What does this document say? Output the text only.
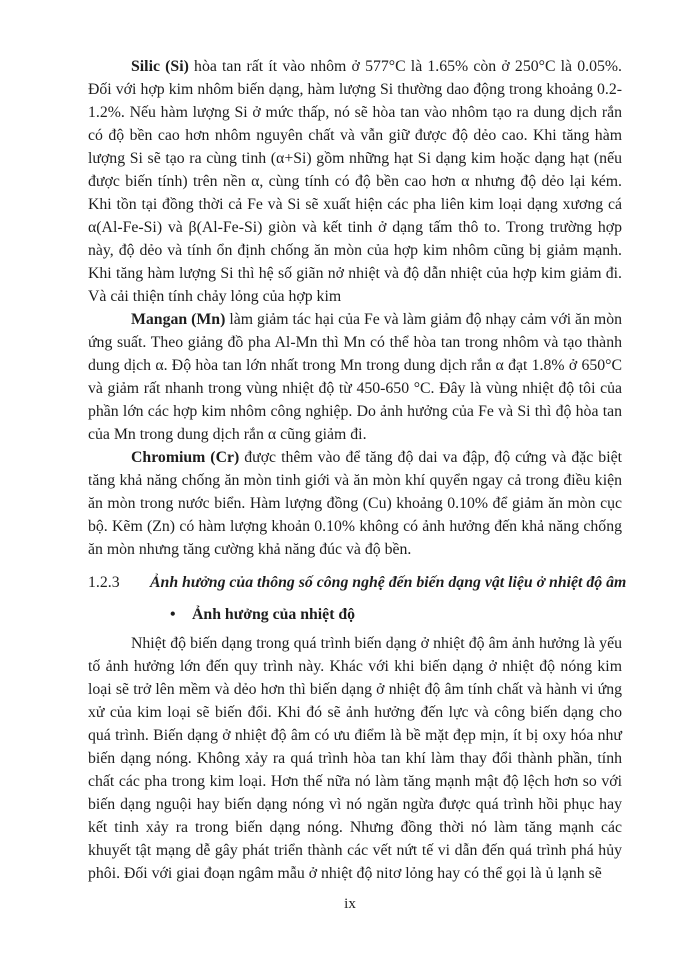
Silic (Si) hòa tan rất ít vào nhôm ở 577°C là 1.65% còn ở 250°C là 0.05%. Đối với hợp kim nhôm biến dạng, hàm lượng Si thường dao động trong khoảng 0.2-1.2%. Nếu hàm lượng Si ở mức thấp, nó sẽ hòa tan vào nhôm tạo ra dung dịch rắn có độ bền cao hơn nhôm nguyên chất và vẫn giữ được độ dẻo cao. Khi tăng hàm lượng Si sẽ tạo ra cùng tinh (α+Si) gồm những hạt Si dạng kim hoặc dạng hạt (nếu được biến tính) trên nền α, cùng tính có độ bền cao hơn α nhưng độ dẻo lại kém. Khi tồn tại đồng thời cả Fe và Si sẽ xuất hiện các pha liên kim loại dạng xương cá α(Al-Fe-Si) và β(Al-Fe-Si) giòn và kết tinh ở dạng tấm thô to. Trong trường hợp này, độ dẻo và tính ổn định chống ăn mòn của hợp kim nhôm cũng bị giảm mạnh. Khi tăng hàm lượng Si thì hệ số giãn nở nhiệt và độ dẫn nhiệt của hợp kim giảm đi. Và cải thiện tính chảy lỏng của hợp kim

Mangan (Mn) làm giảm tác hại của Fe và làm giảm độ nhạy cảm với ăn mòn ứng suất. Theo giảng đồ pha Al-Mn thì Mn có thể hòa tan trong nhôm và tạo thành dung dịch α. Độ hòa tan lớn nhất trong Mn trong dung dịch rắn α đạt 1.8% ở 650°C và giảm rất nhanh trong vùng nhiệt độ từ 450-650 °C. Đây là vùng nhiệt độ tôi của phần lớn các hợp kim nhôm công nghiệp. Do ảnh hưởng của Fe và Si thì độ hòa tan của Mn trong dung dịch rắn α cũng giảm đi.

Chromium (Cr) được thêm vào để tăng độ dai va đập, độ cứng và đặc biệt tăng khả năng chống ăn mòn tinh giới và ăn mòn khí quyển ngay cả trong điều kiện ăn mòn trong nước biển. Hàm lượng đồng (Cu) khoảng 0.10% để giảm ăn mòn cục bộ. Kẽm (Zn) có hàm lượng khoản 0.10% không có ảnh hưởng đến khả năng chống ăn mòn nhưng tăng cường khả năng đúc và độ bền.

1.2.3 Ảnh hưởng của thông số công nghệ đến biến dạng vật liệu ở nhiệt độ âm

• Ảnh hưởng của nhiệt độ

Nhiệt độ biến dạng trong quá trình biến dạng ở nhiệt độ âm ảnh hưởng là yếu tố ảnh hưởng lớn đến quy trình này. Khác với khi biến dạng ở nhiệt độ nóng kim loại sẽ trở lên mềm và dẻo hơn thì biến dạng ở nhiệt độ âm tính chất và hành vi ứng xử của kim loại sẽ biến đổi. Khi đó sẽ ảnh hưởng đến lực và công biến dạng cho quá trình. Biến dạng ở nhiệt độ âm có ưu điểm là bề mặt đẹp mịn, ít bị oxy hóa như biến dạng nóng. Không xảy ra quá trình hòa tan khí làm thay đổi thành phần, tính chất các pha trong kim loại. Hơn thế nữa nó làm tăng mạnh mật độ lệch hơn so với biến dạng nguội hay biến dạng nóng vì nó ngăn ngừa được quá trình hồi phục hay kết tinh xảy ra trong biến dạng nóng. Nhưng đồng thời nó làm tăng mạnh các khuyết tật mạng dễ gây phát triển thành các vết nứt tế vi dẫn đến quá trình phá hủy phôi. Đối với giai đoạn ngâm mẫu ở nhiệt độ nitơ lỏng hay có thể gọi là ủ lạnh sẽ

ix
